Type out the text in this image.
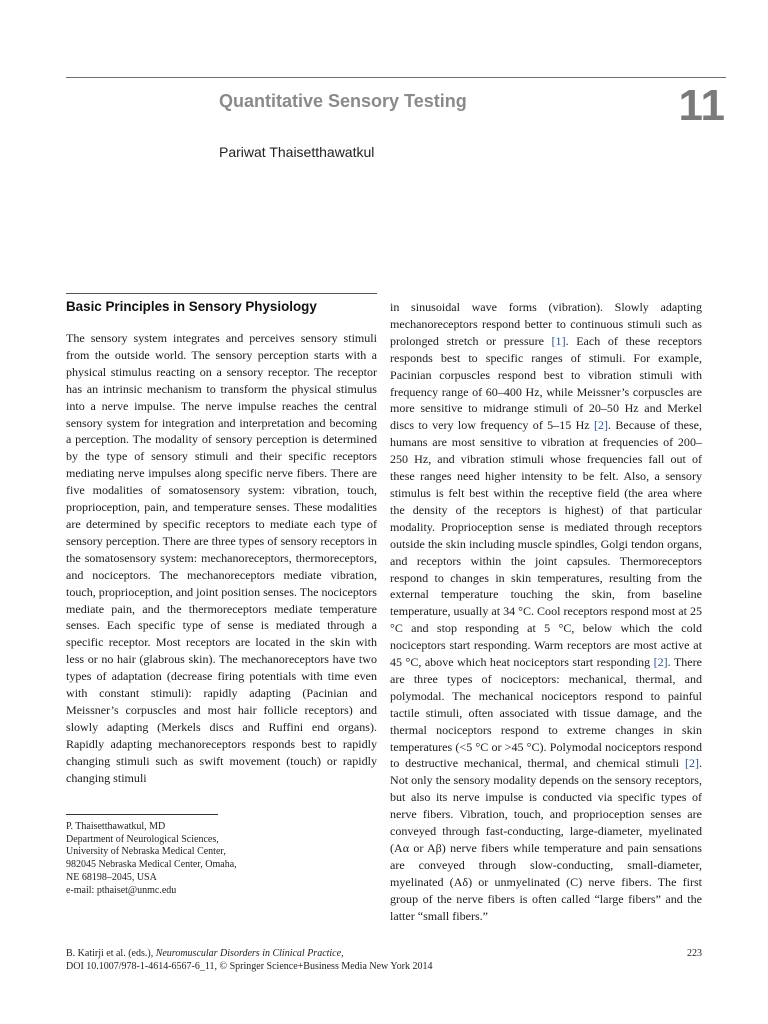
Quantitative Sensory Testing	11
Pariwat Thaisetthawatkul
Basic Principles in Sensory Physiology

The sensory system integrates and perceives sensory stimuli from the outside world. The sensory perception starts with a physical stimulus reacting on a sensory receptor. The receptor has an intrinsic mechanism to transform the physical stimulus into a nerve impulse. The nerve impulse reaches the central sensory system for integration and interpretation and becoming a perception. The modality of sensory perception is determined by the type of sensory stimuli and their specific receptors mediating nerve impulses along specific nerve fibers. There are five modalities of somatosensory system: vibration, touch, proprioception, pain, and temperature senses. These modalities are determined by specific receptors to mediate each type of sensory perception. There are three types of sensory receptors in the somatosensory system: mechanoreceptors, thermoreceptors, and nociceptors. The mechanoreceptors mediate vibration, touch, proprioception, and joint position senses. The nociceptors mediate pain, and the thermoreceptors mediate temperature senses. Each specific type of sense is mediated through a specific receptor. Most receptors are located in the skin with less or no hair (glabrous skin). The mechanoreceptors have two types of adaptation (decrease firing potentials with time even with constant stimuli): rapidly adapting (Pacinian and Meissner’s corpuscles and most hair follicle receptors) and slowly adapting (Merkels discs and Ruffini end organs). Rapidly adapting mechanoreceptors responds best to rapidly changing stimuli such as swift movement (touch) or rapidly changing stimuli

in sinusoidal wave forms (vibration). Slowly adapting mechanoreceptors respond better to continuous stimuli such as prolonged stretch or pressure [1]. Each of these receptors responds best to specific ranges of stimuli. For example, Pacinian corpuscles respond best to vibration stimuli with frequency range of 60–400 Hz, while Meissner’s corpuscles are more sensitive to midrange stimuli of 20–50 Hz and Merkel discs to very low frequency of 5–15 Hz [2]. Because of these, humans are most sensitive to vibration at frequencies of 200–250 Hz, and vibration stimuli whose frequencies fall out of these ranges need higher intensity to be felt. Also, a sensory stimulus is felt best within the receptive field (the area where the density of the receptors is highest) of that particular modality. Proprioception sense is mediated through receptors outside the skin including muscle spindles, Golgi tendon organs, and receptors within the joint capsules. Thermoreceptors respond to changes in skin temperatures, resulting from the external temperature touching the skin, from baseline temperature, usually at 34 °C. Cool receptors respond most at 25 °C and stop responding at 5 °C, below which the cold nociceptors start responding. Warm receptors are most active at 45 °C, above which heat nociceptors start responding [2]. There are three types of nociceptors: mechanical, thermal, and polymodal. The mechanical nociceptors respond to painful tactile stimuli, often associated with tissue damage, and the thermal nociceptors respond to extreme changes in skin temperatures (<5 °C or >45 °C). Polymodal nociceptors respond to destructive mechanical, thermal, and chemical stimuli [2]. Not only the sensory modality depends on the sensory receptors, but also its nerve impulse is conducted via specific types of nerve fibers. Vibration, touch, and proprioception senses are conveyed through fast-conducting, large-diameter, myelinated (Aα or Aβ) nerve fibers while temperature and pain sensations are conveyed through slow-conducting, small-diameter, myelinated (Aδ) or unmyelinated (C) nerve fibers. The first group of the nerve fibers is often called “large fibers” and the latter “small fibers.”

P. Thaisetthawatkul, MD
Department of Neurological Sciences,
University of Nebraska Medical Center,
982045 Nebraska Medical Center, Omaha,
NE 68198–2045, USA
e-mail: pthaiset@unmc.edu
B. Katirji et al. (eds.), Neuromuscular Disorders in Clinical Practice,
DOI 10.1007/978-1-4614-6567-6_11, © Springer Science+Business Media New York 2014
223
